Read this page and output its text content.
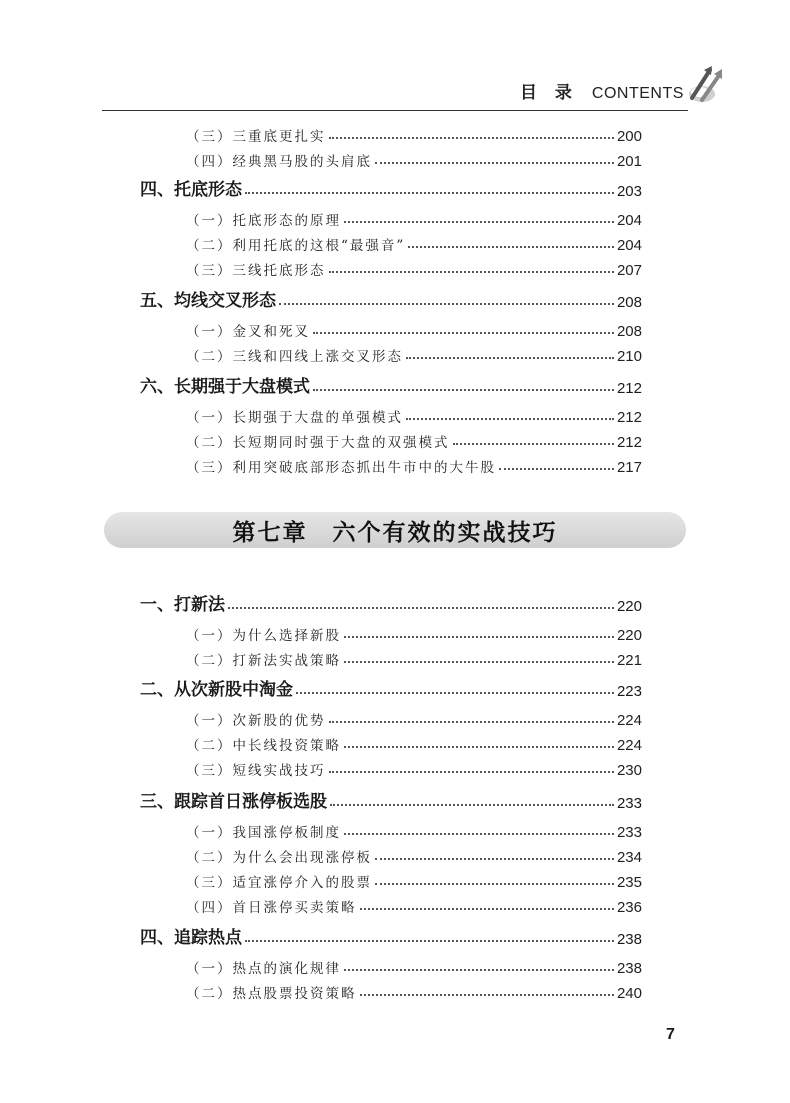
目 录 CONTENTS
（三）三重底更扎实	200
（四）经典黑马股的头肩底	201
四、托底形态	203
（一）托底形态的原理	204
（二）利用托底的这根“最强音”	204
（三）三线托底形态	207
五、均线交叉形态	208
（一）金叉和死叉	208
（二）三线和四线上涨交叉形态	210
六、长期强于大盘模式	212
（一）长期强于大盘的单强模式	212
（二）长短期同时强于大盘的双强模式	212
（三）利用突破底部形态抓出牛市中的大牛股	217
一、打新法	220
（一）为什么选择新股	220
（二）打新法实战策略	221
二、从次新股中淘金	223
（一）次新股的优势	224
（二）中长线投资策略	224
（三）短线实战技巧	230
三、跟踪首日涨停板选股	233
（一）我国涨停板制度	233
（二）为什么会出现涨停板	234
（三）适宜涨停介入的股票	235
（四）首日涨停买卖策略	236
四、追踪热点	238
（一）热点的演化规律	238
（二）热点股票投资策略	240
第七章　六个有效的实战技巧
7
